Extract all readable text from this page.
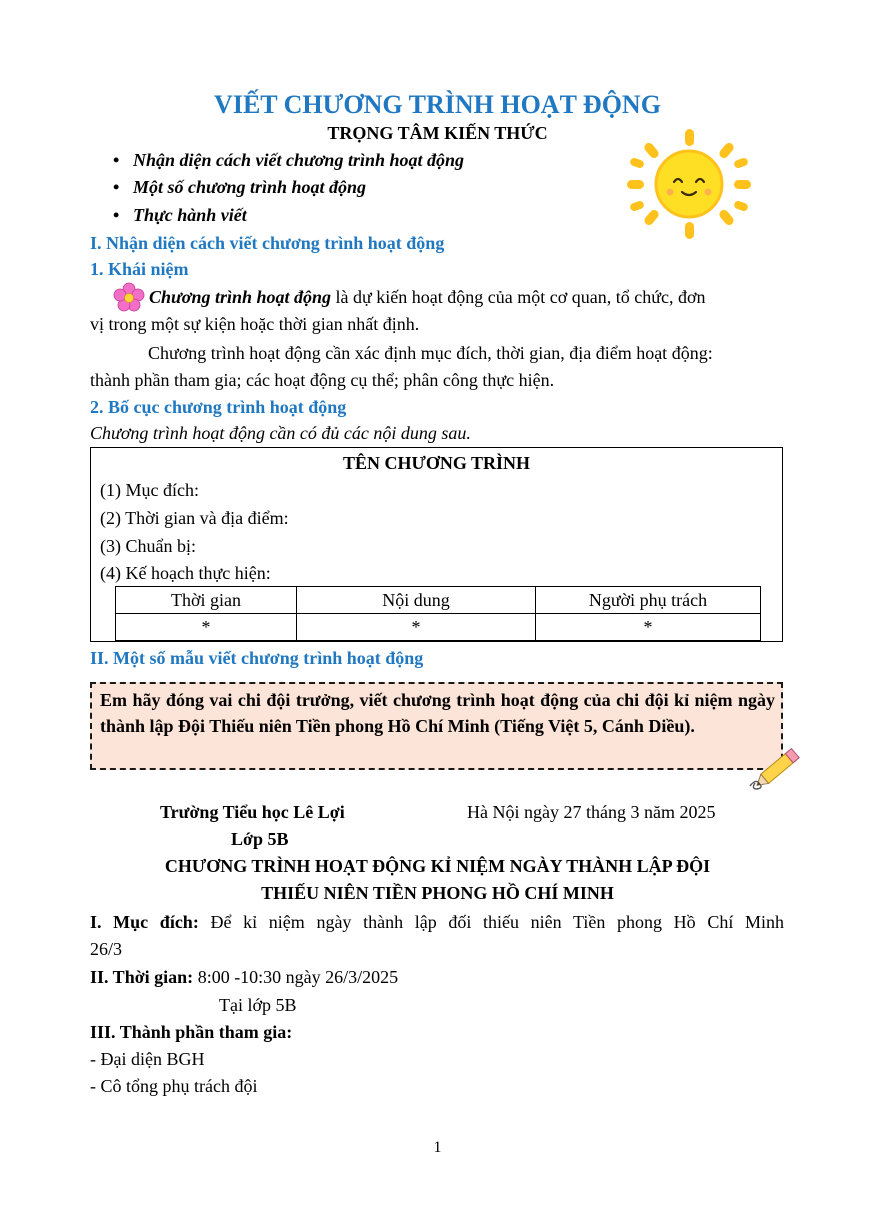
VIẾT CHƯƠNG TRÌNH HOẠT ĐỘNG
TRỌNG TÂM KIẾN THỨC
• Nhận diện cách viết chương trình hoạt động
• Một số chương trình hoạt động
• Thực hành viết
I. Nhận diện cách viết chương trình hoạt động
1. Khái niệm
Chương trình hoạt động là dự kiến hoạt động của một cơ quan, tổ chức, đơn
vị trong một sự kiện hoặc thời gian nhất định.
Chương trình hoạt động cần xác định mục đích, thời gian, địa điểm hoạt động:
thành phần tham gia; các hoạt động cụ thể; phân công thực hiện.
2. Bố cục chương trình hoạt động
Chương trình hoạt động cần có đủ các nội dung sau.
TÊN CHƯƠNG TRÌNH
(1) Mục đích:
(2) Thời gian và địa điểm:
(3) Chuẩn bị:
(4) Kế hoạch thực hiện:
Thời gian	Nội dung	Người phụ trách
*	*	*
II. Một số mẫu viết chương trình hoạt động
Em hãy đóng vai chi đội trưởng, viết chương trình hoạt động của chi đội kỉ niệm ngày thành lập Đội Thiếu niên Tiền phong Hồ Chí Minh (Tiếng Việt 5, Cánh Diều).
Trường Tiểu học Lê Lợi	Hà Nội ngày 27 tháng 3 năm 2025
Lớp 5B
CHƯƠNG TRÌNH HOẠT ĐỘNG KỈ NIỆM NGÀY THÀNH LẬP ĐỘI
THIẾU NIÊN TIỀN PHONG HỒ CHÍ MINH
I. Mục đích: Để kỉ niệm ngày thành lập đối thiếu niên Tiền phong Hồ Chí Minh
26/3
II. Thời gian: 8:00 -10:30 ngày 26/3/2025
Tại lớp 5B
III. Thành phần tham gia:
- Đại diện BGH
- Cô tổng phụ trách đội
1
